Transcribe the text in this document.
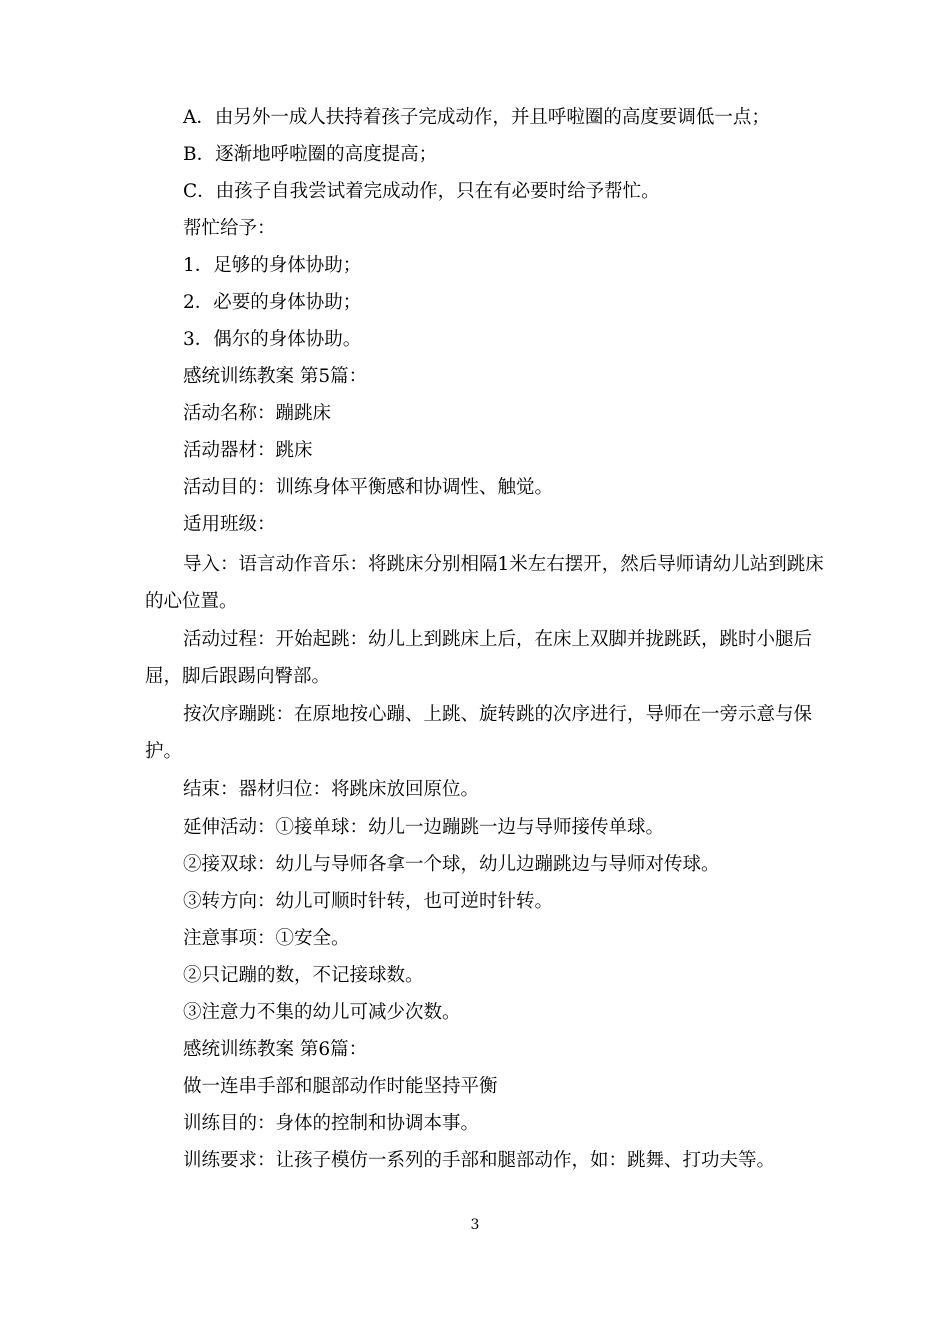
A．由另外一成人扶持着孩子完成动作，并且呼啦圈的高度要调低一点；

B．逐渐地呼啦圈的高度提高；

C．由孩子自我尝试着完成动作，只在有必要时给予帮忙。

帮忙给予：

1．足够的身体协助；

2．必要的身体协助；

3．偶尔的身体协助。

感统训练教案 第5篇：

活动名称：蹦跳床

活动器材：跳床

活动目的：训练身体平衡感和协调性、触觉。

适用班级：

导入：语言动作音乐：将跳床分别相隔1米左右摆开，然后导师请幼儿站到跳床的心位置。

活动过程：开始起跳：幼儿上到跳床上后，在床上双脚并拢跳跃，跳时小腿后屈，脚后跟踢向臀部。

按次序蹦跳：在原地按心蹦、上跳、旋转跳的次序进行，导师在一旁示意与保护。

结束：器材归位：将跳床放回原位。

延伸活动：①接单球：幼儿一边蹦跳一边与导师接传单球。

②接双球：幼儿与导师各拿一个球，幼儿边蹦跳边与导师对传球。

③转方向：幼儿可顺时针转，也可逆时针转。

注意事项：①安全。

②只记蹦的数，不记接球数。

③注意力不集的幼儿可减少次数。

感统训练教案 第6篇：

做一连串手部和腿部动作时能坚持平衡

训练目的：身体的控制和协调本事。

训练要求：让孩子模仿一系列的手部和腿部动作，如：跳舞、打功夫等。

3
